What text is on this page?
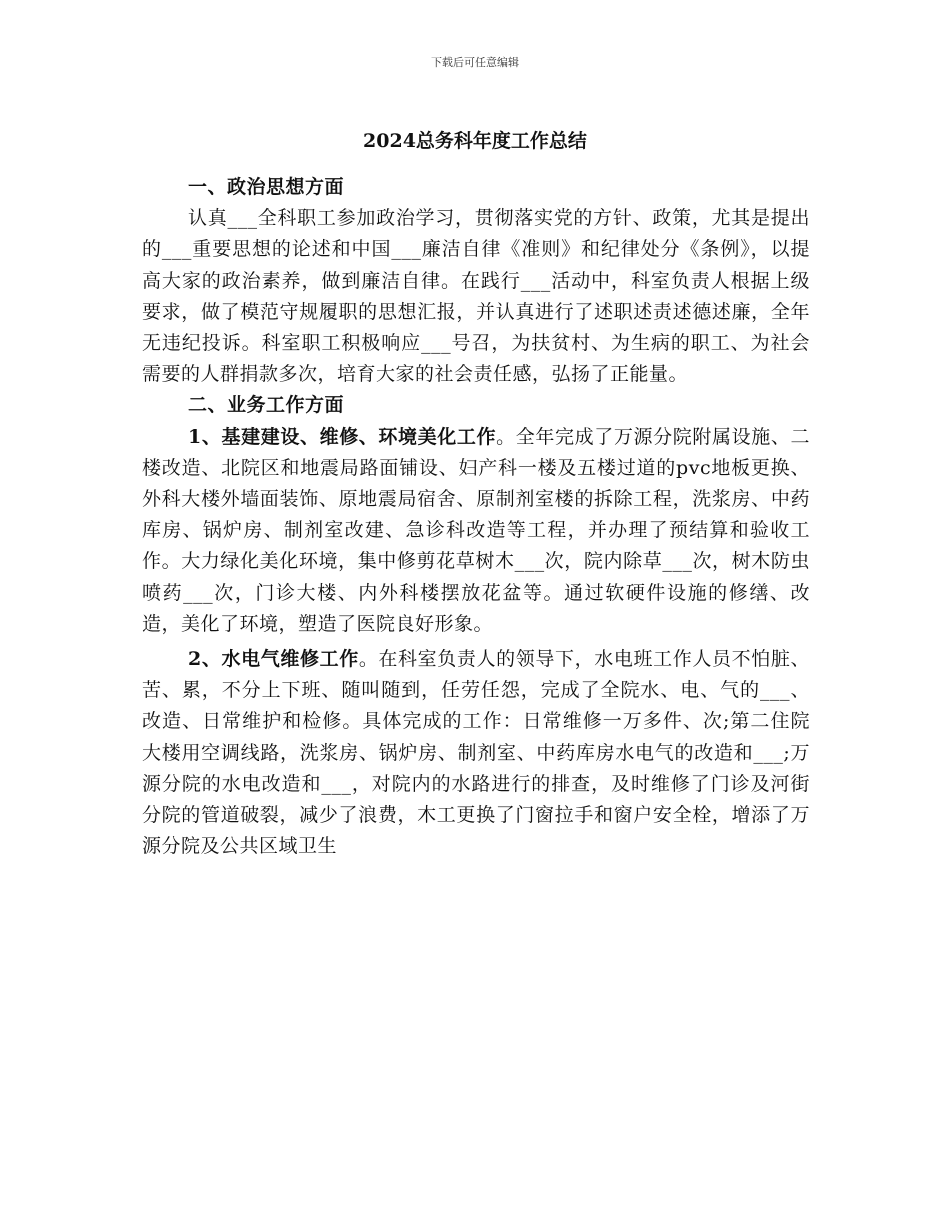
下载后可任意编辑
2024总务科年度工作总结

一、政治思想方面

认真___全科职工参加政治学习，贯彻落实党的方针、政策，尤其是提出的___重要思想的论述和中国___廉洁自律《准则》和纪律处分《条例》，以提高大家的政治素养，做到廉洁自律。在践行___活动中，科室负责人根据上级要求，做了模范守规履职的思想汇报，并认真进行了述职述责述德述廉，全年无违纪投诉。科室职工积极响应___号召，为扶贫村、为生病的职工、为社会需要的人群捐款多次，培育大家的社会责任感，弘扬了正能量。

二、业务工作方面

1、基建建设、维修、环境美化工作。全年完成了万源分院附属设施、二楼改造、北院区和地震局路面铺设、妇产科一楼及五楼过道的pvc地板更换、外科大楼外墙面装饰、原地震局宿舍、原制剂室楼的拆除工程，洗浆房、中药库房、锅炉房、制剂室改建、急诊科改造等工程，并办理了预结算和验收工作。大力绿化美化环境，集中修剪花草树木___次，院内除草___次，树木防虫喷药___次，门诊大楼、内外科楼摆放花盆等。通过软硬件设施的修缮、改造，美化了环境，塑造了医院良好形象。

2、水电气维修工作。在科室负责人的领导下，水电班工作人员不怕脏、苦、累，不分上下班、随叫随到，任劳任怨，完成了全院水、电、气的___、改造、日常维护和检修。具体完成的工作：日常维修一万多件、次;第二住院大楼用空调线路，洗浆房、锅炉房、制剂室、中药库房水电气的改造和___;万源分院的水电改造和___，对院内的水路进行的排查，及时维修了门诊及河街分院的管道破裂，减少了浪费，木工更换了门窗拉手和窗户安全栓，增添了万源分院及公共区域卫生
